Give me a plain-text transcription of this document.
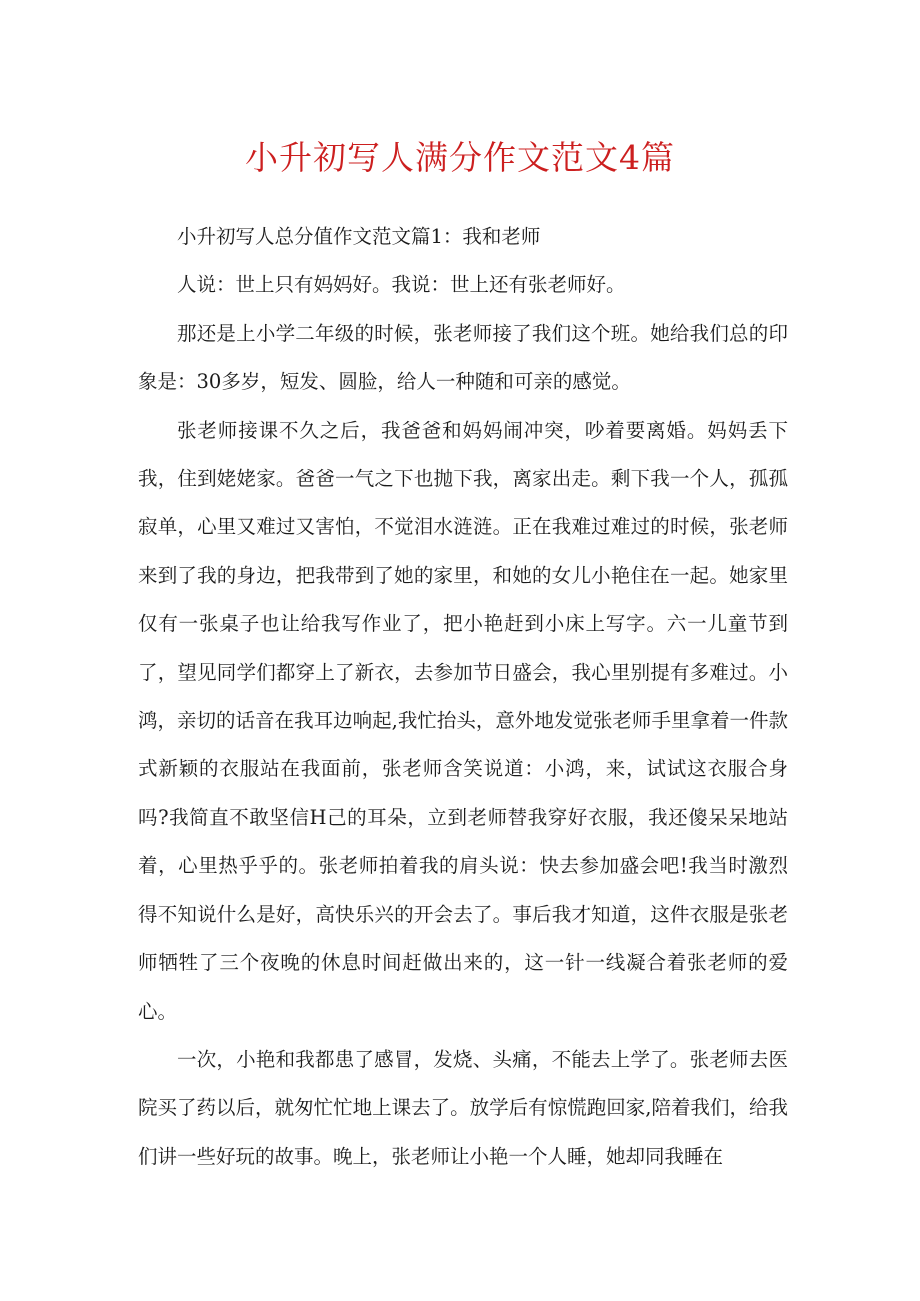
小升初写人满分作文范文4篇

小升初写人总分值作文范文篇1：我和老师

人说：世上只有妈妈好。我说：世上还有张老师好。

那还是上小学二年级的时候，张老师接了我们这个班。她给我们总的印象是：30多岁，短发、圆脸，给人一种随和可亲的感觉。

张老师接课不久之后，我爸爸和妈妈闹冲突，吵着要离婚。妈妈丢下我，住到姥姥家。爸爸一气之下也抛下我，离家出走。剩下我一个人，孤孤寂单，心里又难过又害怕，不觉泪水涟涟。正在我难过难过的时候，张老师来到了我的身边，把我带到了她的家里，和她的女儿小艳住在一起。她家里仅有一张桌子也让给我写作业了，把小艳赶到小床上写字。六一儿童节到了，望见同学们都穿上了新衣，去参加节日盛会，我心里别提有多难过。小鸿，亲切的话音在我耳边响起,我忙抬头，意外地发觉张老师手里拿着一件款式新颖的衣服站在我面前，张老师含笑说道：小鸿，来，试试这衣服合身吗?我简直不敢坚信H己的耳朵，立到老师替我穿好衣服，我还傻呆呆地站着，心里热乎乎的。张老师拍着我的肩头说：快去参加盛会吧!我当时激烈得不知说什么是好，高快乐兴的开会去了。事后我才知道，这件衣服是张老师牺牲了三个夜晚的休息时间赶做出来的，这一针一线凝合着张老师的爱心。

一次，小艳和我都患了感冒，发烧、头痛，不能去上学了。张老师去医院买了药以后，就匆忙忙地上课去了。放学后有惊慌跑回家,陪着我们，给我们讲一些好玩的故事。晚上，张老师让小艳一个人睡，她却同我睡在
